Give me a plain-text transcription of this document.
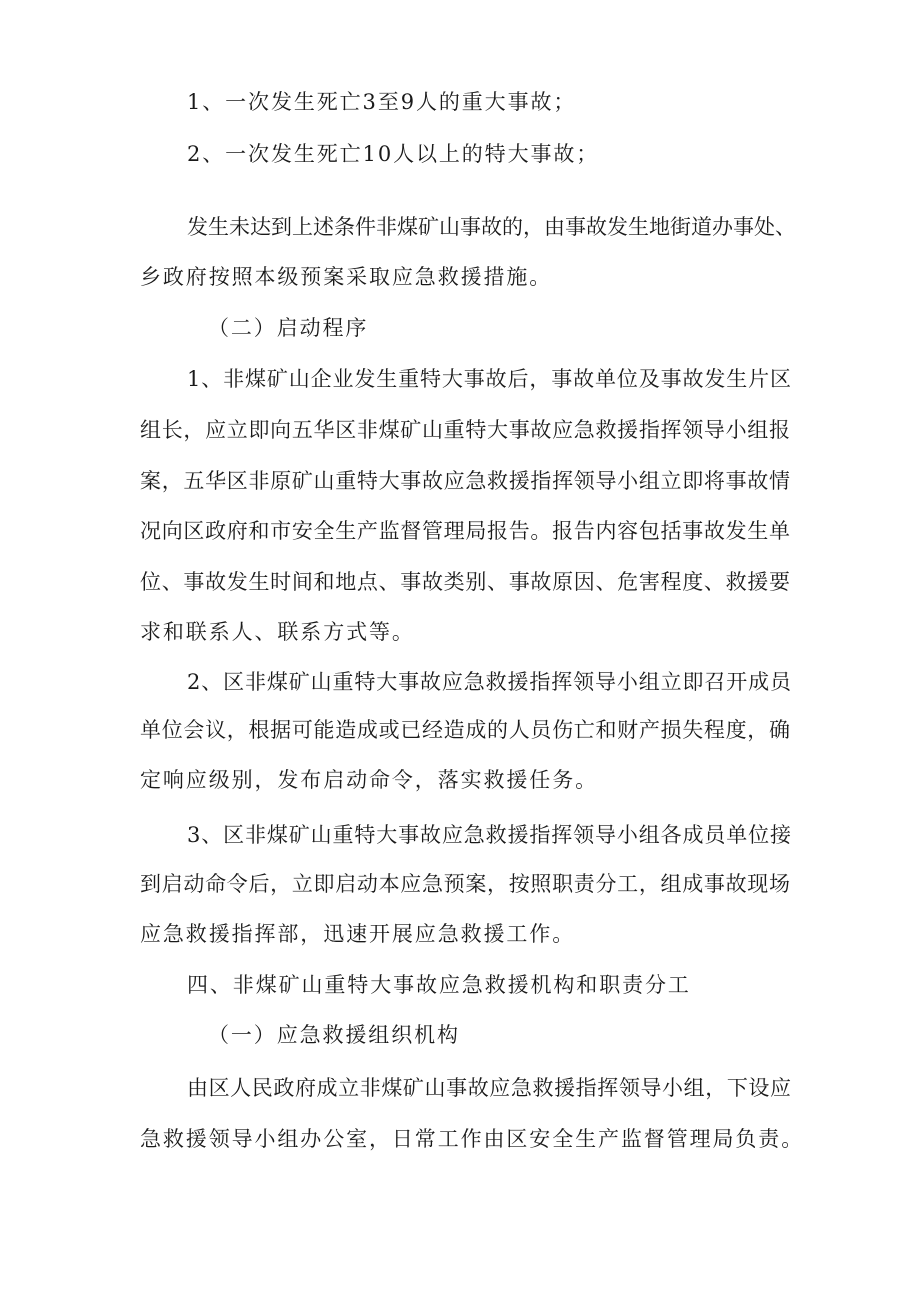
1、一次发生死亡3至9人的重大事故；
2、一次发生死亡10人以上的特大事故；
发生未达到上述条件非煤矿山事故的，由事故发生地街道办事处、
乡政府按照本级预案采取应急救援措施。
（二）启动程序
1、非煤矿山企业发生重特大事故后，事故单位及事故发生片区
组长，应立即向五华区非煤矿山重特大事故应急救援指挥领导小组报
案，五华区非原矿山重特大事故应急救援指挥领导小组立即将事故情
况向区政府和市安全生产监督管理局报告。报告内容包括事故发生单
位、事故发生时间和地点、事故类别、事故原因、危害程度、救援要
求和联系人、联系方式等。
2、区非煤矿山重特大事故应急救援指挥领导小组立即召开成员
单位会议，根据可能造成或已经造成的人员伤亡和财产损失程度，确
定响应级别，发布启动命令，落实救援任务。
3、区非煤矿山重特大事故应急救援指挥领导小组各成员单位接
到启动命令后，立即启动本应急预案，按照职责分工，组成事故现场
应急救援指挥部，迅速开展应急救援工作。
四、非煤矿山重特大事故应急救援机构和职责分工
（一）应急救援组织机构
由区人民政府成立非煤矿山事故应急救援指挥领导小组，下设应
急救援领导小组办公室，日常工作由区安全生产监督管理局负责。
